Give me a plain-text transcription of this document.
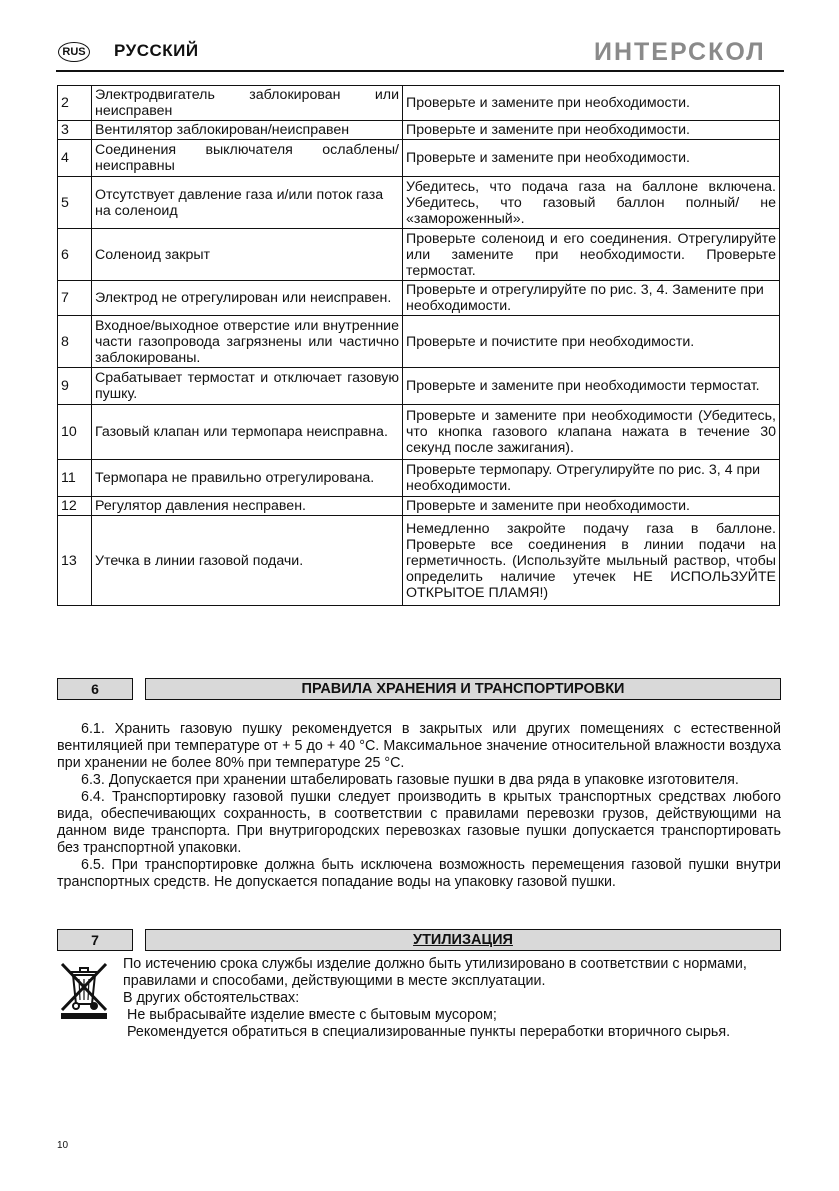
RUS РУССКИЙ	ИНТЕРСКОЛ
2	Электродвигатель заблокирован или неисправен	Проверьте и замените при необходимости.
3	Вентилятор заблокирован/неисправен	Проверьте и замените при необходимости.
4	Соединения выключателя ослаблены/неисправны	Проверьте и замените при необходимости.
5	Отсутствует давление газа и/или поток газа на соленоид	Убедитесь, что подача газа на баллоне включена. Убедитесь, что газовый баллон полный/ не «замороженный».
6	Соленоид закрыт	Проверьте соленоид и его соединения. Отрегулируйте или замените при необходимости. Проверьте термостат.
7	Электрод не отрегулирован или неисправен.	Проверьте и отрегулируйте по рис. 3, 4. Замените при необходимости.
8	Входное/выходное отверстие или внутренние части газопровода загрязнены или частично заблокированы.	Проверьте и почистите при необходимости.
9	Срабатывает термостат и отключает газовую пушку.	Проверьте и замените при необходимости термостат.
10	Газовый клапан или термопара неисправна.	Проверьте и замените при необходимости (Убедитесь, что кнопка газового клапана нажата в течение 30 секунд после зажигания).
11	Термопара не правильно отрегулирована.	Проверьте термопару. Отрегулируйте по рис. 3, 4 при необходимости.
12	Регулятор давления несправен.	Проверьте и замените при необходимости.
13	Утечка в линии газовой подачи.	Немедленно закройте подачу газа в баллоне. Проверьте все соединения в линии подачи на герметичность. (Используйте мыльный раствор, чтобы определить наличие утечек НЕ ИСПОЛЬЗУЙТЕ ОТКРЫТОЕ ПЛАМЯ!)
6	ПРАВИЛА ХРАНЕНИЯ И ТРАНСПОРТИРОВКИ

6.1. Хранить газовую пушку рекомендуется в закрытых или других помещениях с естественной вентиляцией при температуре от + 5 до + 40 °С. Максимальное значение относительной влажности воздуха при хранении не более 80% при температуре 25 °С.

6.3. Допускается при хранении штабелировать газовые пушки в два ряда в упаковке изготовителя.

6.4. Транспортировку газовой пушки следует производить в крытых транспортных средствах любого вида, обеспечивающих сохранность, в соответствии с правилами перевозки грузов, действующими на данном виде транспорта. При внутригородских перевозках газовые пушки допускается транспортировать без транспортной упаковки.

6.5. При транспортировке должна быть исключена возможность перемещения газовой пушки внутри транспортных средств. Не допускается попадание воды на упаковку газовой пушки.

7	УТИЛИЗАЦИЯ

По истечению срока службы изделие должно быть утилизировано в соответствии с нормами, правилами и способами, действующими в месте эксплуатации.

В других обстоятельствах:

Не выбрасывайте изделие вместе с бытовым мусором;

Рекомендуется обратиться в специализированные пункты переработки вторичного сырья.

10
